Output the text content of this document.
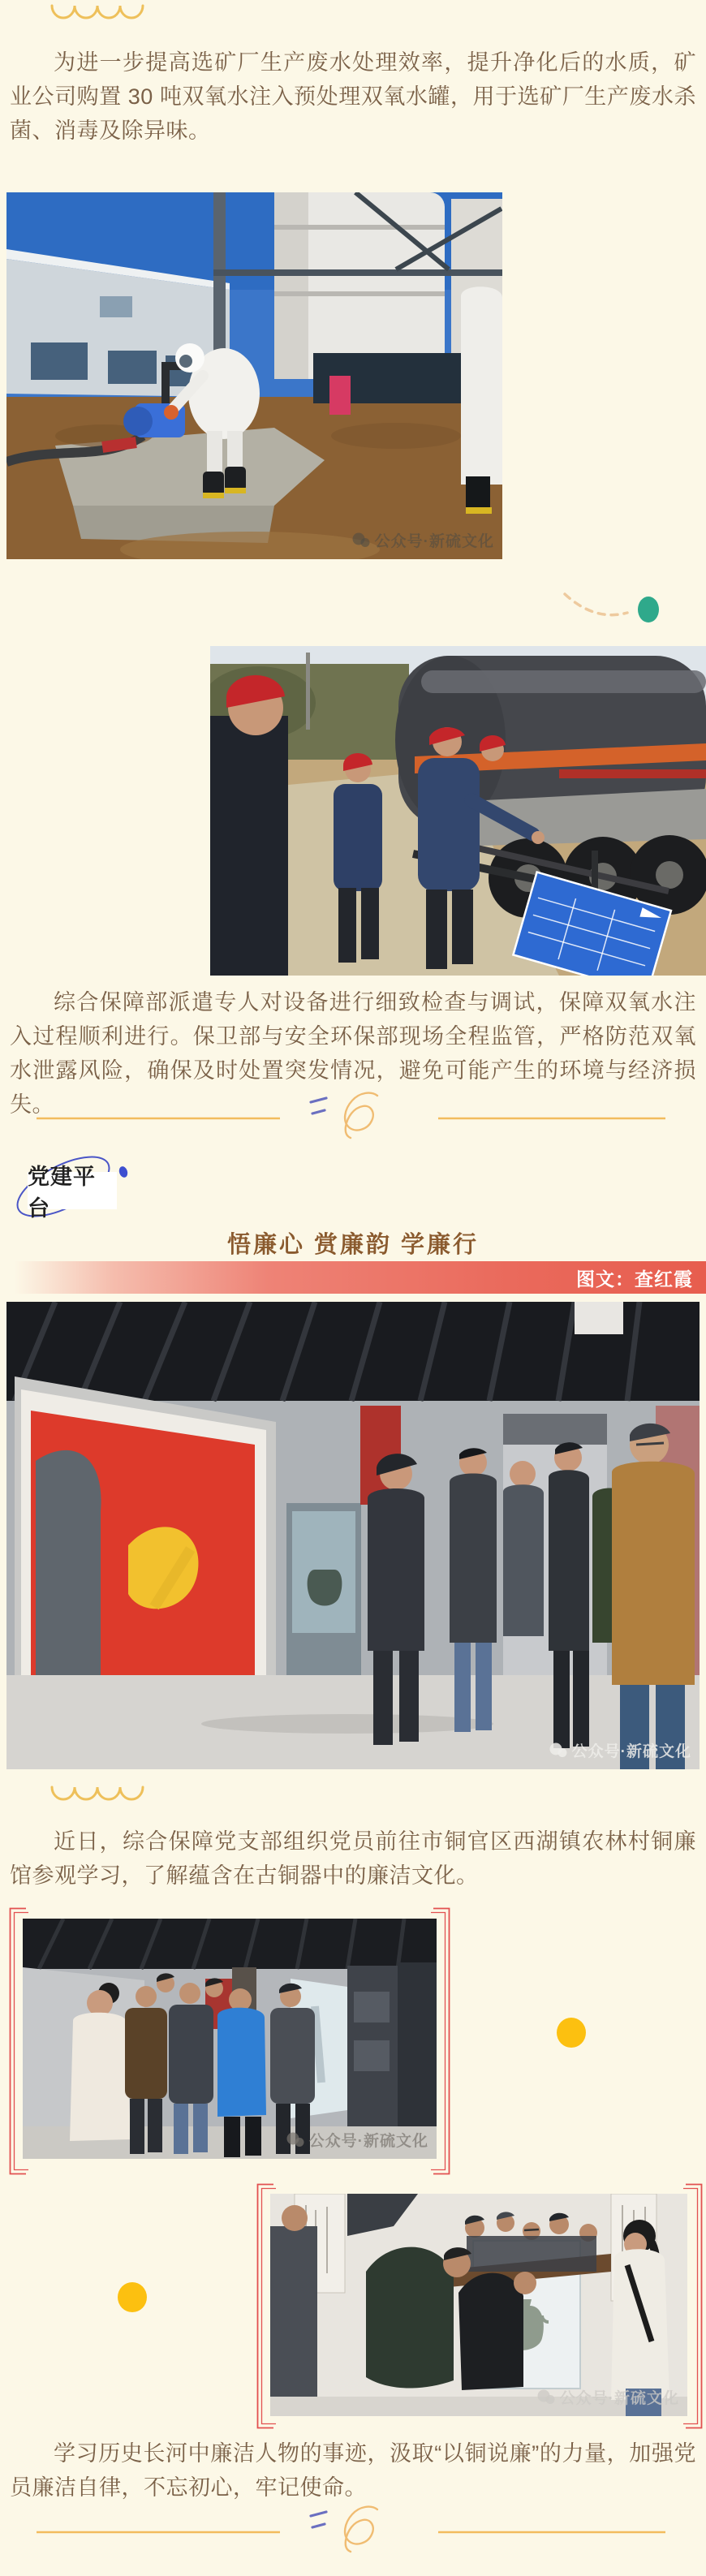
为进一步提高选矿厂生产废水处理效率，提升净化后的水质，矿业公司购置 30 吨双氧水注入预处理双氧水罐，用于选矿厂生产废水杀菌、消毒及除异味。

公众号·新硫文化

综合保障部派遣专人对设备进行细致检查与调试，保障双氧水注入过程顺利进行。保卫部与安全环保部现场全程监管，严格防范双氧水泄露风险，确保及时处置突发情况，避免可能产生的环境与经济损失。

党建平台
悟廉心 赏廉韵 学廉行
图文：查红霞
公众号·新硫文化

近日，综合保障党支部组织党员前往市铜官区西湖镇农林村铜廉馆参观学习，了解蕴含在古铜器中的廉洁文化。

公众号·新硫文化
公众号·新硫文化

学习历史长河中廉洁人物的事迹，汲取“以铜说廉”的力量，加强党员廉洁自律，不忘初心，牢记使命。
